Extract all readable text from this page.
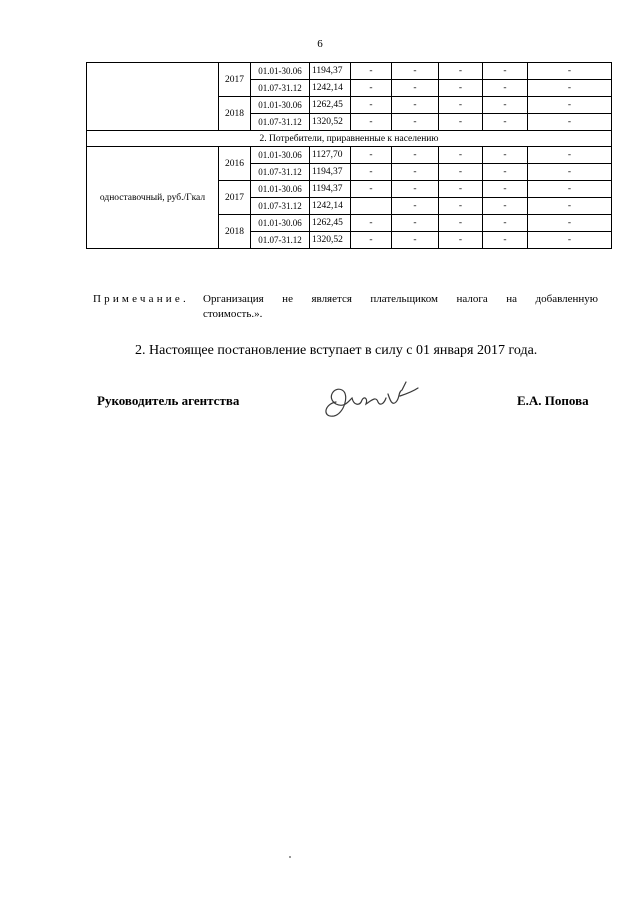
6
	2017	01.01-30.06	1194,37	-	-	-	-	-
		01.07-31.12	1242,14	-	-	-	-	-
	2018	01.01-30.06	1262,45	-	-	-	-	-
		01.07-31.12	1320,52	-	-	-	-	-
2. Потребители, приравненные к населению								
одноставочный, руб./Гкал	2016	01.01-30.06	1127,70	-	-	-	-	-
		01.07-31.12	1194,37	-	-	-	-	-
	2017	01.01-30.06	1194,37	-	-	-	-	-
		01.07-31.12	1242,14		-	-	-	-
	2018	01.01-30.06	1262,45	-	-	-	-	-
		01.07-31.12	1320,52	-	-	-	-	-
Примечание. Организация не является плательщиком налога на добавленную
стоимость.».
2. Настоящее постановление вступает в силу с 01 января 2017 года.
Руководитель агентства	Е.А. Попова
